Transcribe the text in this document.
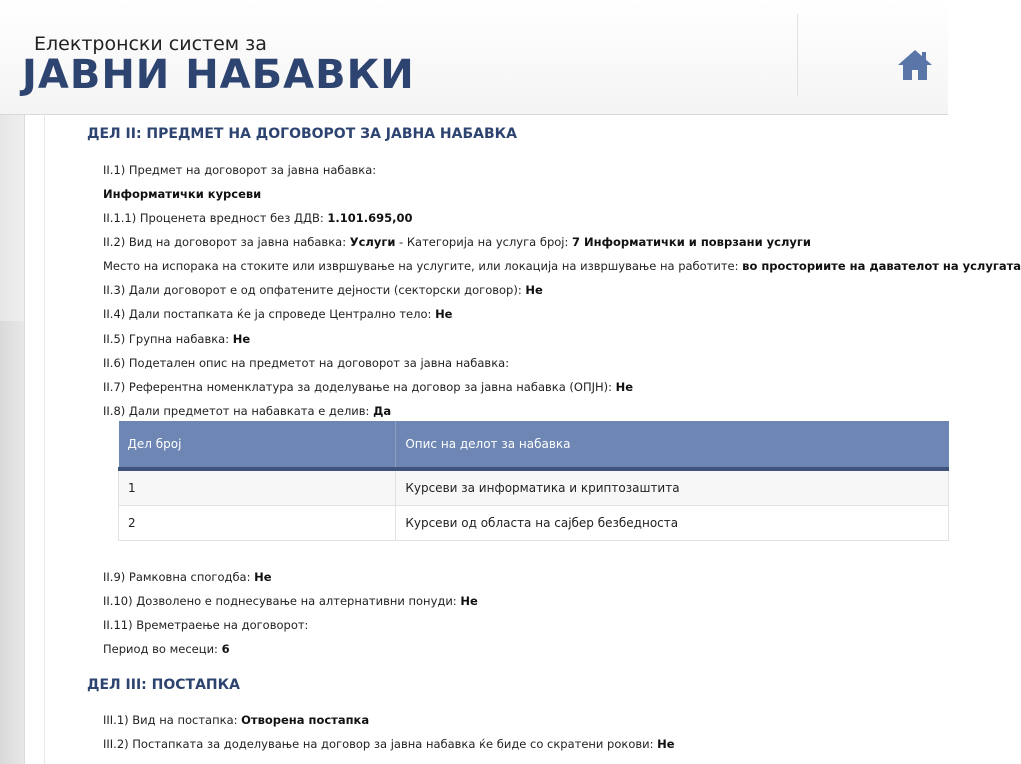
Електронски систем за
ЈАВНИ НАБАВКИ
ДЕЛ II: ПРЕДМЕТ НА ДОГОВОРОТ ЗА ЈАВНА НАБАВКА
II.1) Предмет на договорот за јавна набавка:
Информатички курсеви
II.1.1) Проценета вредност без ДДВ: 1.101.695,00
II.2) Вид на договорот за јавна набавка: Услуги - Категорија на услуга број: 7 Информатички и поврзани услуги
Место на испорака на стоките или извршување на услугите, или локација на извршување на работите: во просториите на давателот на услугата
II.3) Дали договорот е од опфатените дејности (секторски договор): Не
II.4) Дали постапката ќе ја спроведе Централно тело: Не
II.5) Групна набавка: Не
II.6) Подетален опис на предметот на договорот за јавна набавка:
II.7) Референтна номенклатура за доделување на договор за јавна набавка (ОПЈН): Не
II.8) Дали предметот на набавката е делив: Да
Дел број	Опис на делот за набавка
1	Курсеви за информатика и криптозаштита
2	Курсеви од областа на сајбер безбедноста
II.9) Рамковна спогодба: Не
II.10) Дозволено е поднесување на алтернативни понуди: Не
II.11) Времетраење на договорот:
Период во месеци: 6
ДЕЛ III: ПОСТАПКА
III.1) Вид на постапка: Отворена постапка
III.2) Постапката за доделување на договор за јавна набавка ќе биде со скратени рокови: Не
